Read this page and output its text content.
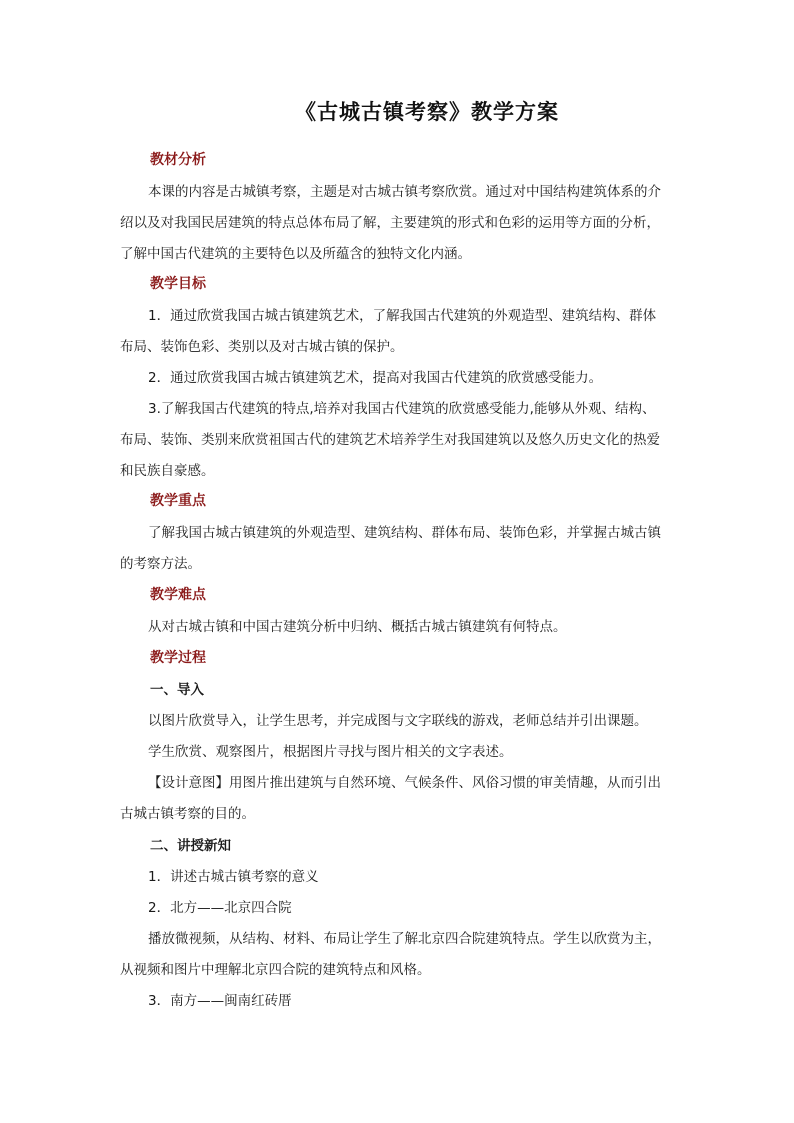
《古城古镇考察》教学方案
教材分析
本课的内容是古城镇考察，主题是对古城古镇考察欣赏。通过对中国结构建筑体系的介
绍以及对我国民居建筑的特点总体布局了解，主要建筑的形式和色彩的运用等方面的分析，
了解中国古代建筑的主要特色以及所蕴含的独特文化内涵。
教学目标
1．通过欣赏我国古城古镇建筑艺术，了解我国古代建筑的外观造型、建筑结构、群体
布局、装饰色彩、类别以及对古城古镇的保护。
2．通过欣赏我国古城古镇建筑艺术，提高对我国古代建筑的欣赏感受能力。
3.了解我国古代建筑的特点,培养对我国古代建筑的欣赏感受能力,能够从外观、结构、
布局、装饰、类别来欣赏祖国古代的建筑艺术培养学生对我国建筑以及悠久历史文化的热爱
和民族自豪感。
教学重点
了解我国古城古镇建筑的外观造型、建筑结构、群体布局、装饰色彩，并掌握古城古镇
的考察方法。
教学难点
从对古城古镇和中国古建筑分析中归纳、概括古城古镇建筑有何特点。
教学过程
一、导入
以图片欣赏导入，让学生思考，并完成图与文字联线的游戏，老师总结并引出课题。
学生欣赏、观察图片，根据图片寻找与图片相关的文字表述。
【设计意图】用图片推出建筑与自然环境、气候条件、风俗习惯的审美情趣，从而引出
古城古镇考察的目的。
二、讲授新知
1．讲述古城古镇考察的意义
2．北方——北京四合院
播放微视频，从结构、材料、布局让学生了解北京四合院建筑特点。学生以欣赏为主，
从视频和图片中理解北京四合院的建筑特点和风格。
3．南方——闽南红砖厝
